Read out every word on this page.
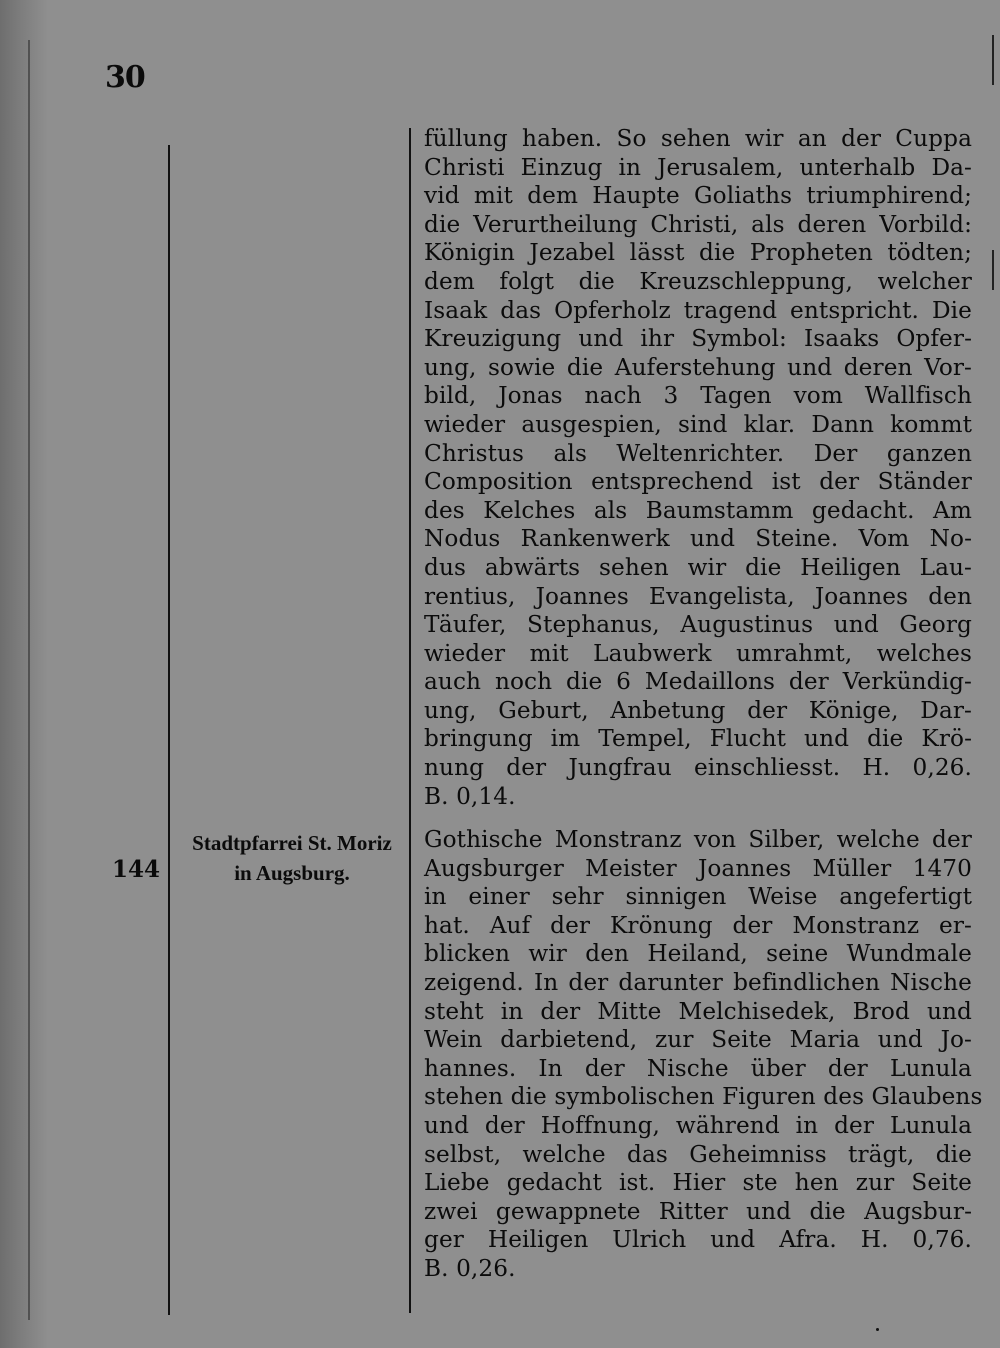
30
füllung haben. So sehen wir an der Cuppa
Christi Einzug in Jerusalem, unterhalb Da-
vid mit dem Haupte Goliaths triumphirend;
die Verurtheilung Christi, als deren Vorbild:
Königin Jezabel lässt die Propheten tödten;
dem folgt die Kreuzschleppung, welcher
Isaak das Opferholz tragend entspricht. Die
Kreuzigung und ihr Symbol: Isaaks Opfer-
ung, sowie die Auferstehung und deren Vor-
bild, Jonas nach 3 Tagen vom Wallfisch
wieder ausgespien, sind klar. Dann kommt
Christus als Weltenrichter. Der ganzen
Composition entsprechend ist der Ständer
des Kelches als Baumstamm gedacht. Am
Nodus Rankenwerk und Steine. Vom No-
dus abwärts sehen wir die Heiligen Lau-
rentius, Joannes Evangelista, Joannes den
Täufer, Stephanus, Augustinus und Georg
wieder mit Laubwerk umrahmt, welches
auch noch die 6 Medaillons der Verkündig-
ung, Geburt, Anbetung der Könige, Dar-
bringung im Tempel, Flucht und die Krö-
nung der Jungfrau einschliesst. H. 0,26.
B. 0,14.
144
Stadtpfarrei St. Moriz
in Augsburg.
Gothische Monstranz von Silber, welche der
Augsburger Meister Joannes Müller 1470
in einer sehr sinnigen Weise angefertigt
hat. Auf der Krönung der Monstranz er-
blicken wir den Heiland, seine Wundmale
zeigend. In der darunter befindlichen Nische
steht in der Mitte Melchisedek, Brod und
Wein darbietend, zur Seite Maria und Jo-
hannes. In der Nische über der Lunula
stehen die symbolischen Figuren des Glaubens
und der Hoffnung, während in der Lunula
selbst, welche das Geheimniss trägt, die
Liebe gedacht ist. Hier ste hen zur Seite
zwei gewappnete Ritter und die Augsbur-
ger Heiligen Ulrich und Afra. H. 0,76.
B. 0,26.
